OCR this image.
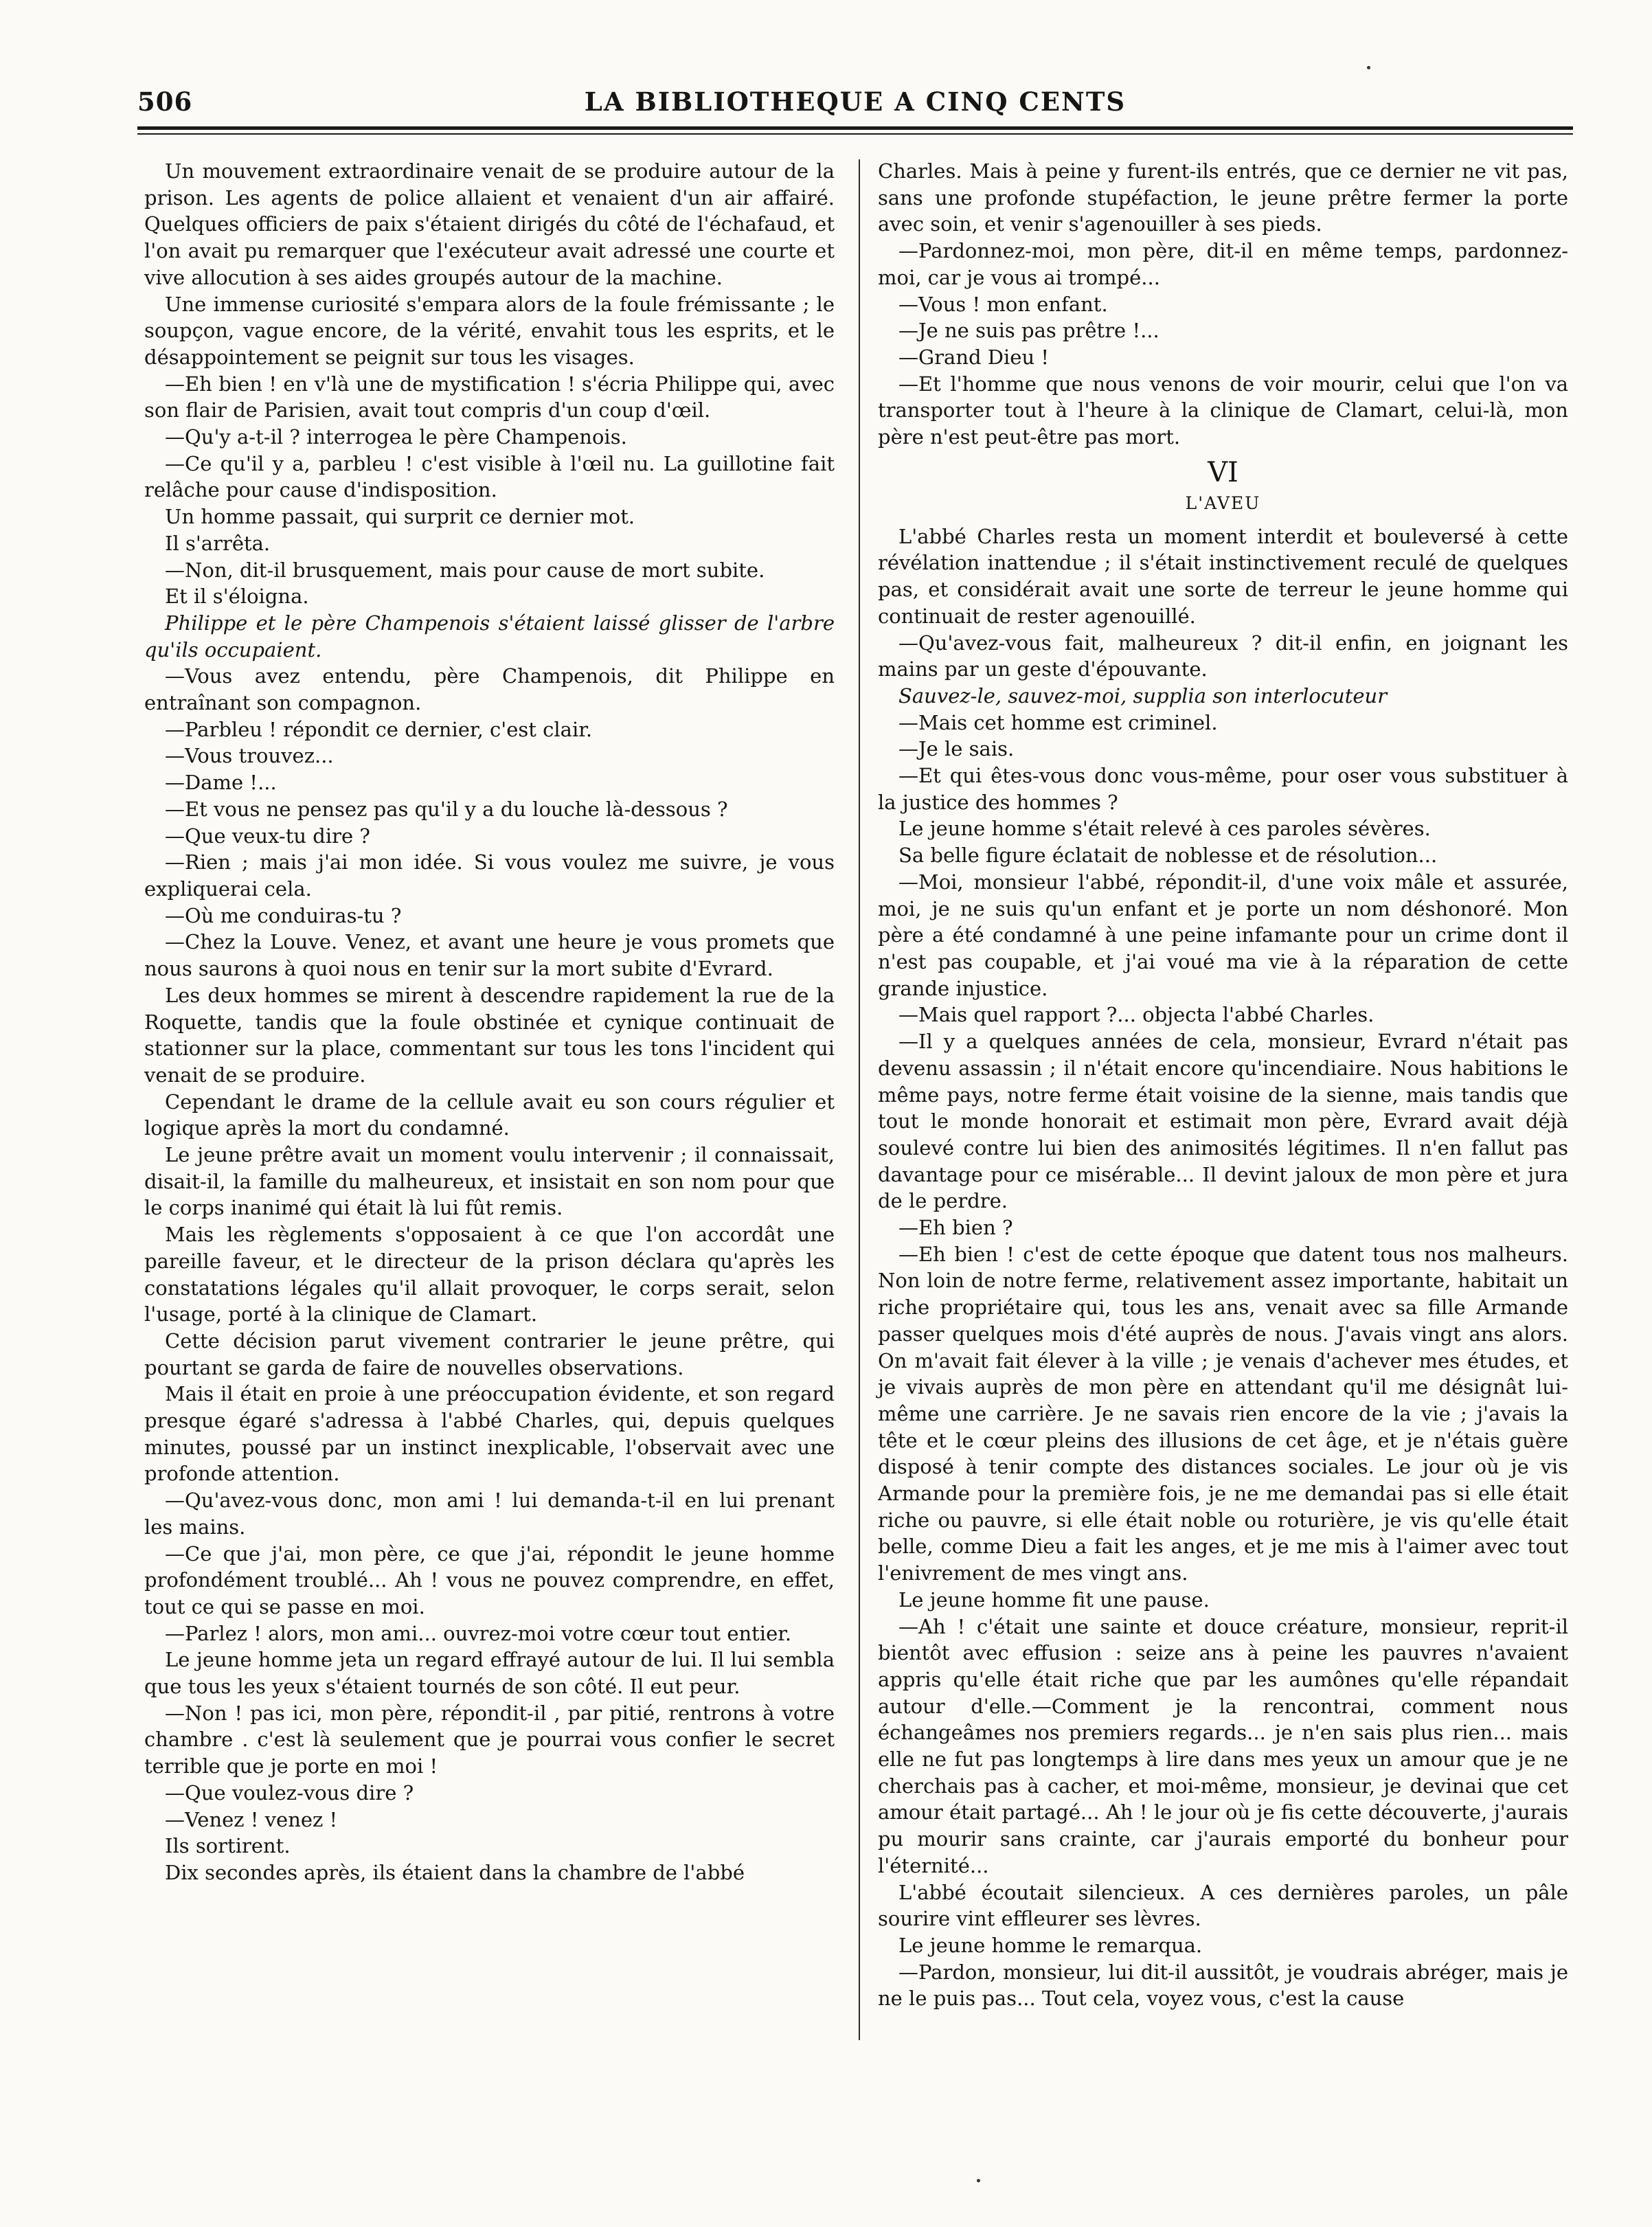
506	LA BIBLIOTHEQUE A CINQ CENTS

Un mouvement extraordinaire venait de se produire autour de la prison. Les agents de police allaient et venaient d'un air affairé. Quelques officiers de paix s'étaient dirigés du côté de l'échafaud, et l'on avait pu remarquer que l'exécuteur avait adressé une courte et vive allocution à ses aides groupés autour de la machine.

Une immense curiosité s'empara alors de la foule frémissante ; le soupçon, vague encore, de la vérité, envahit tous les esprits, et le désappointement se peignit sur tous les visages.

—Eh bien ! en v'là une de mystification ! s'écria Philippe qui, avec son flair de Parisien, avait tout compris d'un coup d'œil.

—Qu'y a-t-il ? interrogea le père Champenois.

—Ce qu'il y a, parbleu ! c'est visible à l'œil nu. La guillotine fait relâche pour cause d'indisposition.

Un homme passait, qui surprit ce dernier mot.

Il s'arrêta.

—Non, dit-il brusquement, mais pour cause de mort subite.

Et il s'éloigna.

Philippe et le père Champenois s'étaient laissé glisser de l'arbre qu'ils occupaient.

—Vous avez entendu, père Champenois, dit Philippe en entraînant son compagnon.

—Parbleu ! répondit ce dernier, c'est clair.

—Vous trouvez...

—Dame !...

—Et vous ne pensez pas qu'il y a du louche là-dessous ?

—Que veux-tu dire ?

—Rien ; mais j'ai mon idée. Si vous voulez me suivre, je vous expliquerai cela.

—Où me conduiras-tu ?

—Chez la Louve. Venez, et avant une heure je vous promets que nous saurons à quoi nous en tenir sur la mort subite d'Evrard.

Les deux hommes se mirent à descendre rapidement la rue de la Roquette, tandis que la foule obstinée et cynique continuait de stationner sur la place, commentant sur tous les tons l'incident qui venait de se produire.

Cependant le drame de la cellule avait eu son cours régulier et logique après la mort du condamné.

Le jeune prêtre avait un moment voulu intervenir ; il connaissait, disait-il, la famille du malheureux, et insistait en son nom pour que le corps inanimé qui était là lui fût remis.

Mais les règlements s'opposaient à ce que l'on accordât une pareille faveur, et le directeur de la prison déclara qu'après les constatations légales qu'il allait provoquer, le corps serait, selon l'usage, porté à la clinique de Clamart.

Cette décision parut vivement contrarier le jeune prêtre, qui pourtant se garda de faire de nouvelles observations.

Mais il était en proie à une préoccupation évidente, et son regard presque égaré s'adressa à l'abbé Charles, qui, depuis quelques minutes, poussé par un instinct inexplicable, l'observait avec une profonde attention.

—Qu'avez-vous donc, mon ami ! lui demanda-t-il en lui prenant les mains.

—Ce que j'ai, mon père, ce que j'ai, répondit le jeune homme profondément troublé... Ah ! vous ne pouvez comprendre, en effet, tout ce qui se passe en moi.

—Parlez ! alors, mon ami... ouvrez-moi votre cœur tout entier.

Le jeune homme jeta un regard effrayé autour de lui. Il lui sembla que tous les yeux s'étaient tournés de son côté. Il eut peur.

—Non ! pas ici, mon père, répondit-il , par pitié, rentrons à votre chambre . c'est là seulement que je pourrai vous confier le secret terrible que je porte en moi !

—Que voulez-vous dire ?

—Venez ! venez !

Ils sortirent.

Dix secondes après, ils étaient dans la chambre de l'abbé

Charles. Mais à peine y furent-ils entrés, que ce dernier ne vit pas, sans une profonde stupéfaction, le jeune prêtre fermer la porte avec soin, et venir s'agenouiller à ses pieds.

—Pardonnez-moi, mon père, dit-il en même temps, pardonnez-moi, car je vous ai trompé...

—Vous ! mon enfant.

—Je ne suis pas prêtre !...

—Grand Dieu !

—Et l'homme que nous venons de voir mourir, celui que l'on va transporter tout à l'heure à la clinique de Clamart, celui-là, mon père n'est peut-être pas mort.

VI
L'AVEU

L'abbé Charles resta un moment interdit et bouleversé à cette révélation inattendue ; il s'était instinctivement reculé de quelques pas, et considérait avait une sorte de terreur le jeune homme qui continuait de rester agenouillé.

—Qu'avez-vous fait, malheureux ? dit-il enfin, en joignant les mains par un geste d'épouvante.

Sauvez-le, sauvez-moi, supplia son interlocuteur

—Mais cet homme est criminel.

—Je le sais.

—Et qui êtes-vous donc vous-même, pour oser vous substituer à la justice des hommes ?

Le jeune homme s'était relevé à ces paroles sévères.

Sa belle figure éclatait de noblesse et de résolution...

—Moi, monsieur l'abbé, répondit-il, d'une voix mâle et assurée, moi, je ne suis qu'un enfant et je porte un nom déshonoré. Mon père a été condamné à une peine infamante pour un crime dont il n'est pas coupable, et j'ai voué ma vie à la réparation de cette grande injustice.

—Mais quel rapport ?... objecta l'abbé Charles.

—Il y a quelques années de cela, monsieur, Evrard n'était pas devenu assassin ; il n'était encore qu'incendiaire. Nous habitions le même pays, notre ferme était voisine de la sienne, mais tandis que tout le monde honorait et estimait mon père, Evrard avait déjà soulevé contre lui bien des animosités légitimes. Il n'en fallut pas davantage pour ce misérable... Il devint jaloux de mon père et jura de le perdre.

—Eh bien ?

—Eh bien ! c'est de cette époque que datent tous nos malheurs. Non loin de notre ferme, relativement assez importante, habitait un riche propriétaire qui, tous les ans, venait avec sa fille Armande passer quelques mois d'été auprès de nous. J'avais vingt ans alors. On m'avait fait élever à la ville ; je venais d'achever mes études, et je vivais auprès de mon père en attendant qu'il me désignât lui-même une carrière. Je ne savais rien encore de la vie ; j'avais la tête et le cœur pleins des illusions de cet âge, et je n'étais guère disposé à tenir compte des distances sociales. Le jour où je vis Armande pour la première fois, je ne me demandai pas si elle était riche ou pauvre, si elle était noble ou roturière, je vis qu'elle était belle, comme Dieu a fait les anges, et je me mis à l'aimer avec tout l'enivrement de mes vingt ans.

Le jeune homme fit une pause.

—Ah ! c'était une sainte et douce créature, monsieur, reprit-il bientôt avec effusion : seize ans à peine les pauvres n'avaient appris qu'elle était riche que par les aumônes qu'elle répandait autour d'elle.—Comment je la rencontrai, comment nous échangeâmes nos premiers regards... je n'en sais plus rien... mais elle ne fut pas longtemps à lire dans mes yeux un amour que je ne cherchais pas à cacher, et moi-même, monsieur, je devinai que cet amour était partagé... Ah ! le jour où je fis cette découverte, j'aurais pu mourir sans crainte, car j'aurais emporté du bonheur pour l'éternité...

L'abbé écoutait silencieux. A ces dernières paroles, un pâle sourire vint effleurer ses lèvres.

Le jeune homme le remarqua.

—Pardon, monsieur, lui dit-il aussitôt, je voudrais abréger, mais je ne le puis pas... Tout cela, voyez vous, c'est la cause
